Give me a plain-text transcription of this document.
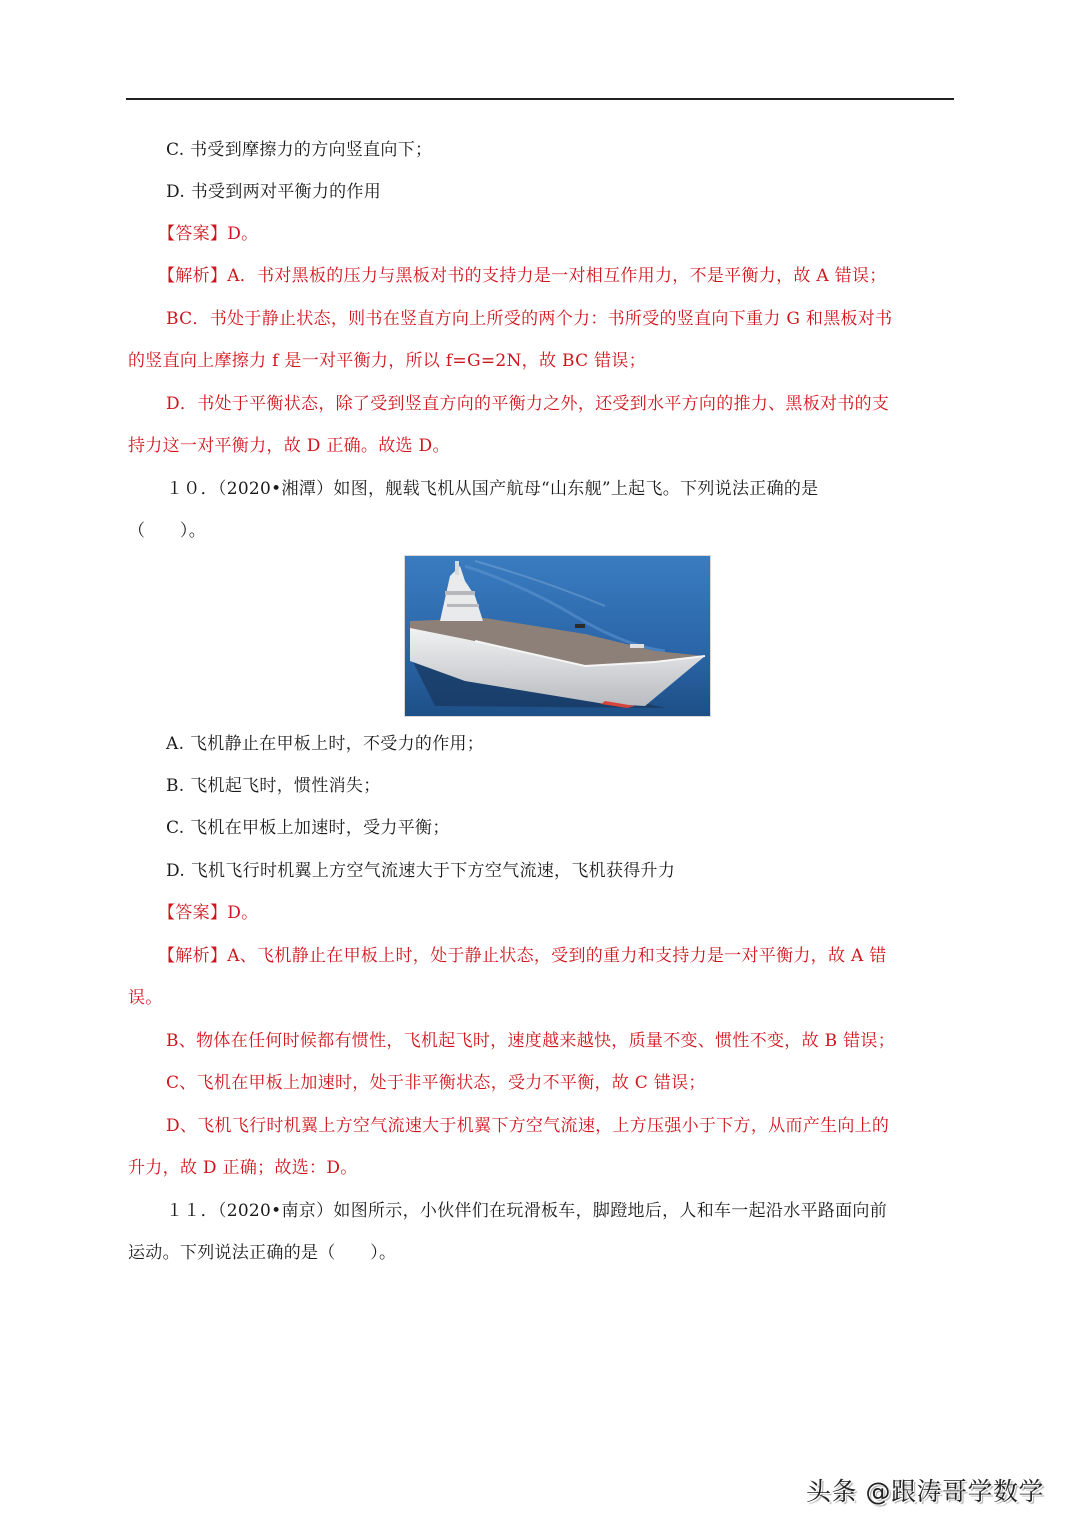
C. 书受到摩擦力的方向竖直向下；
D. 书受到两对平衡力的作用
【答案】D。
【解析】A．书对黑板的压力与黑板对书的支持力是一对相互作用力，不是平衡力，故 A 错误；
BC．书处于静止状态，则书在竖直方向上所受的两个力：书所受的竖直向下重力 G 和黑板对书
的竖直向上摩擦力 f 是一对平衡力，所以 f=G=2N，故 BC 错误；
D．书处于平衡状态，除了受到竖直方向的平衡力之外，还受到水平方向的推力、黑板对书的支
持力这一对平衡力，故 D 正确。故选 D。
１０．（2020•湘潭）如图，舰载飞机从国产航母“山东舰”上起飞。下列说法正确的是
（　　）。
A. 飞机静止在甲板上时，不受力的作用；
B. 飞机起飞时，惯性消失；
C. 飞机在甲板上加速时，受力平衡；
D. 飞机飞行时机翼上方空气流速大于下方空气流速，飞机获得升力
【答案】D。
【解析】A、飞机静止在甲板上时，处于静止状态，受到的重力和支持力是一对平衡力，故 A 错
误。
B、物体在任何时候都有惯性，飞机起飞时，速度越来越快，质量不变、惯性不变，故 B 错误；
C、飞机在甲板上加速时，处于非平衡状态，受力不平衡，故 C 错误；
D、飞机飞行时机翼上方空气流速大于机翼下方空气流速，上方压强小于下方，从而产生向上的
升力，故 D 正确；故选：D。
１１．（2020•南京）如图所示，小伙伴们在玩滑板车，脚蹬地后，人和车一起沿水平路面向前
运动。下列说法正确的是（　　）。
头条 @跟涛哥学数学
